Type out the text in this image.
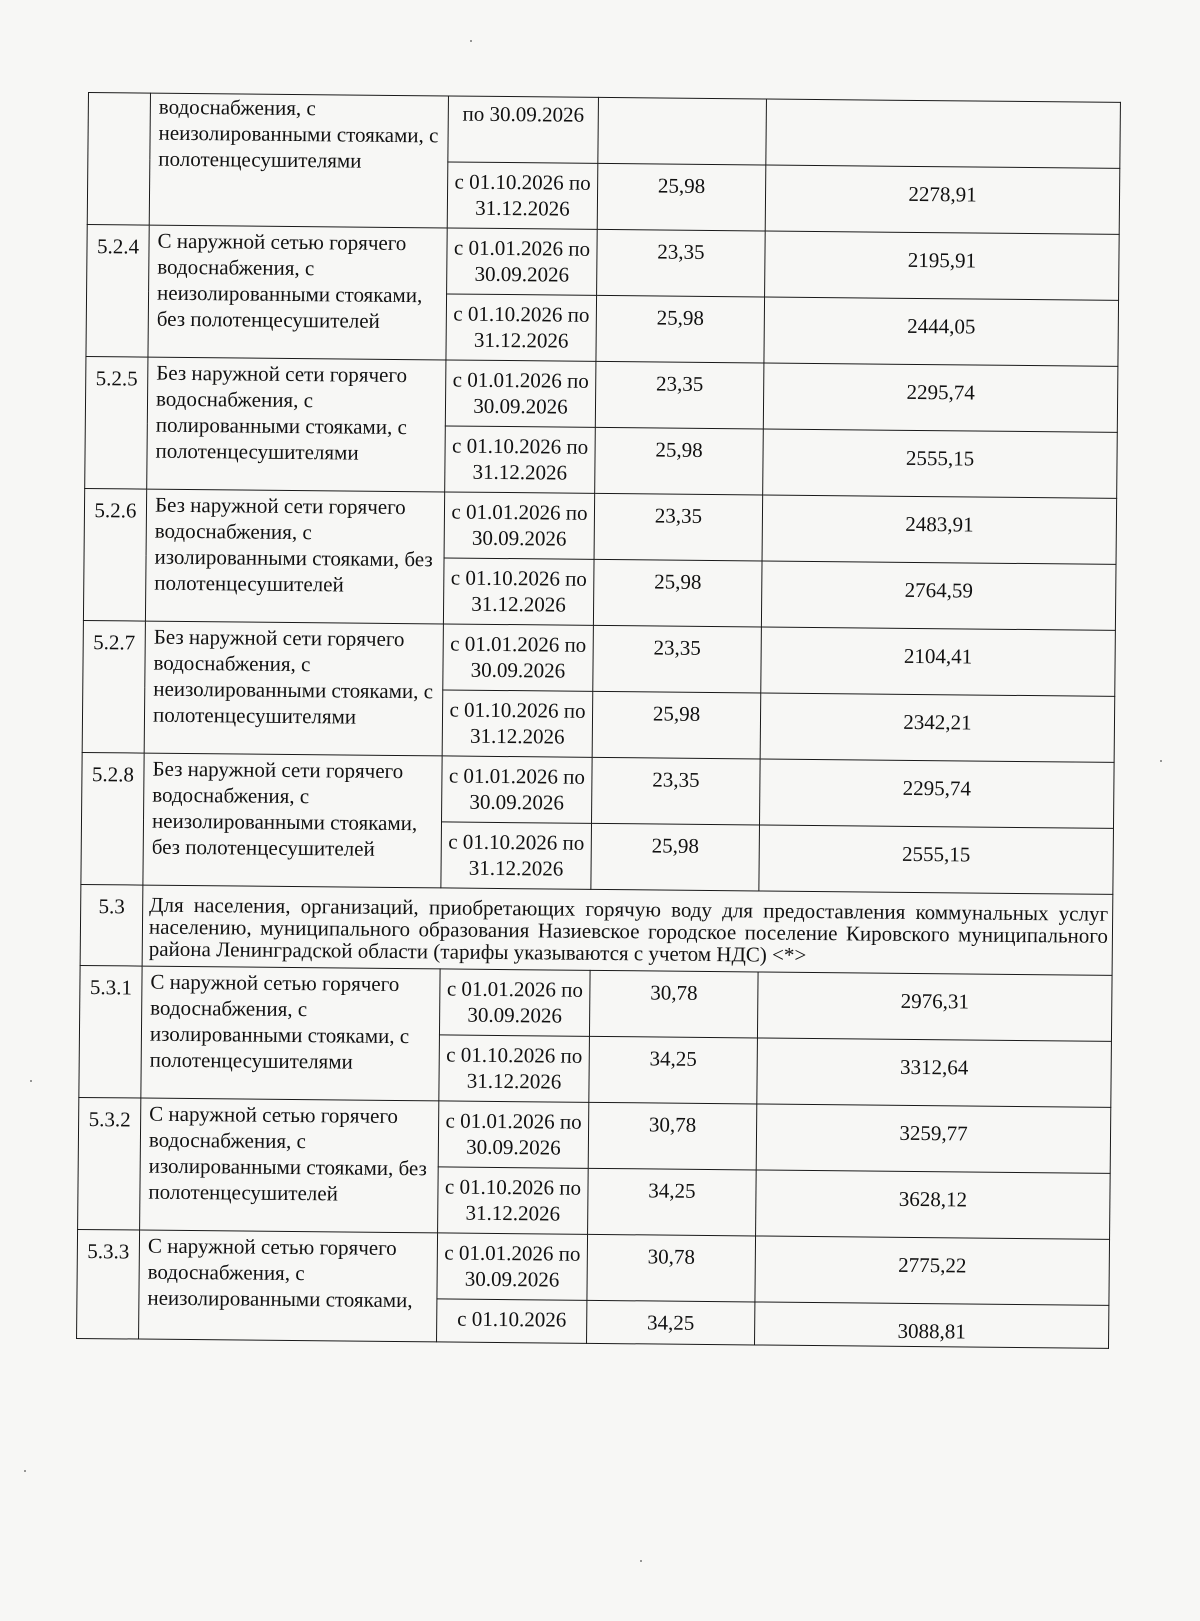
	водоснабжения, с неизолированными стояками, с полотенцесушителями	по 30.09.2026		
		с 01.10.2026 по 31.12.2026	25,98	2278,91
5.2.4	С наружной сетью горячего водоснабжения, с неизолированными стояками, без полотенцесушителей	с 01.01.2026 по 30.09.2026	23,35	2195,91
		с 01.10.2026 по 31.12.2026	25,98	2444,05
5.2.5	Без наружной сети горячего водоснабжения, с полированными стояками, с полотенцесушителями	с 01.01.2026 по 30.09.2026	23,35	2295,74
		с 01.10.2026 по 31.12.2026	25,98	2555,15
5.2.6	Без наружной сети горячего водоснабжения, с изолированными стояками, без полотенцесушителей	с 01.01.2026 по 30.09.2026	23,35	2483,91
		с 01.10.2026 по 31.12.2026	25,98	2764,59
5.2.7	Без наружной сети горячего водоснабжения, с неизолированными стояками, с полотенцесушителями	с 01.01.2026 по 30.09.2026	23,35	2104,41
		с 01.10.2026 по 31.12.2026	25,98	2342,21
5.2.8	Без наружной сети горячего водоснабжения, с неизолированными стояками, без полотенцесушителей	с 01.01.2026 по 30.09.2026	23,35	2295,74
		с 01.10.2026 по 31.12.2026	25,98	2555,15
5.3	Для населения, организаций, приобретающих горячую воду для предоставления коммунальных услуг населению, муниципального образования Назиевское городское поселение Кировского муниципального района Ленинградской области (тарифы указываются с учетом НДС) <*>			
5.3.1	С наружной сетью горячего водоснабжения, с изолированными стояками, с полотенцесушителями	с 01.01.2026 по 30.09.2026	30,78	2976,31
		с 01.10.2026 по 31.12.2026	34,25	3312,64
5.3.2	С наружной сетью горячего водоснабжения, с изолированными стояками, без полотенцесушителей	с 01.01.2026 по 30.09.2026	30,78	3259,77
		с 01.10.2026 по 31.12.2026	34,25	3628,12
5.3.3	С наружной сетью горячего водоснабжения, с неизолированными стояками,	с 01.01.2026 по 30.09.2026	30,78	2775,22
		с 01.10.2026	34,25	3088,81
